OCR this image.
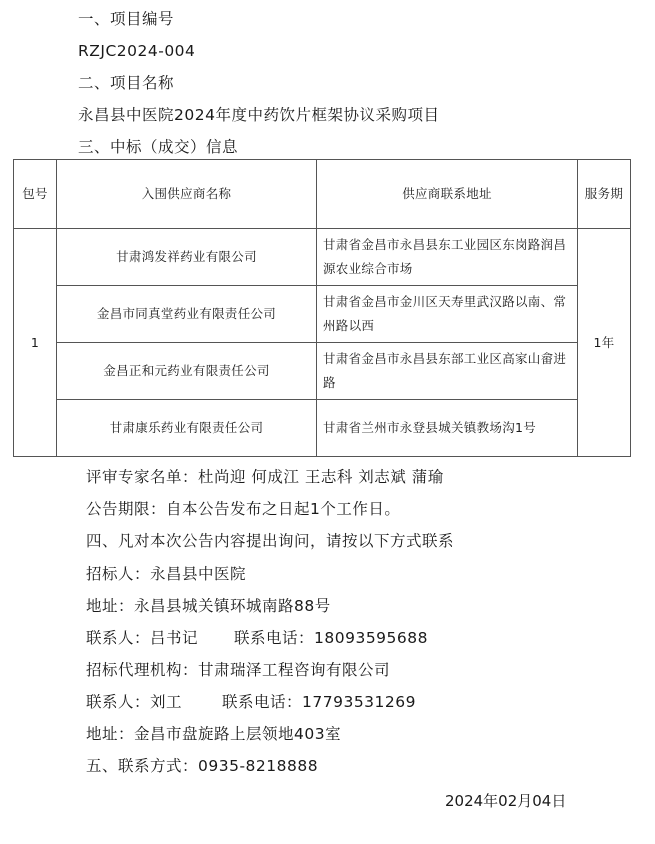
一、项目编号
RZJC2024-004
二、项目名称
永昌县中医院2024年度中药饮片框架协议采购项目
三、中标（成交）信息
包号	入围供应商名称	供应商联系地址	服务期
1	甘肃鸿发祥药业有限公司	甘肃省金昌市永昌县东工业园区东岗路润昌源农业综合市场	1年
	金昌市同真堂药业有限责任公司	甘肃省金昌市金川区天寿里武汉路以南、常州路以西	
	金昌正和元药业有限责任公司	甘肃省金昌市永昌县东部工业区高家山畲进路	
	甘肃康乐药业有限责任公司	甘肃省兰州市永登县城关镇教场沟1号	
评审专家名单：杜尚迎 何成江 王志科 刘志斌 蒲瑜
公告期限：自本公告发布之日起1个工作日。
四、凡对本次公告内容提出询问，请按以下方式联系
招标人：永昌县中医院
地址：永昌县城关镇环城南路88号
联系人：吕书记 联系电话：18093595688
招标代理机构：甘肃瑞泽工程咨询有限公司
联系人：刘工	联系电话：17793531269
地址：金昌市盘旋路上层领地403室
五、联系方式：0935-8218888
2024年02月04日
